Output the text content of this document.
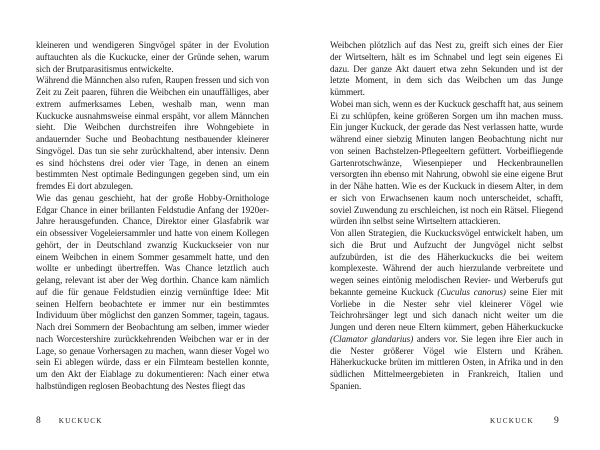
kleineren und wendigeren Singvögel später in der Evolution auftauchten als die Kuckucke, einer der Gründe sehen, warum sich der Brutparasitismus entwickelte.

Während die Männchen also rufen, Raupen fressen und sich von Zeit zu Zeit paaren, führen die Weibchen ein unauffälliges, aber extrem aufmerksames Leben, weshalb man, wenn man Kuckucke ausnahmsweise einmal erspäht, vor allem Männchen sieht. Die Weibchen durchstreifen ihre Wohngebiete in andauernder Suche und Beobachtung nestbauender kleinerer Singvögel. Das tun sie sehr zurückhaltend, aber intensiv. Denn es sind höchstens drei oder vier Tage, in denen an einem bestimmten Nest optimale Bedingungen gegeben sind, um ein fremdes Ei dort abzulegen.

Wie das genau geschieht, hat der große Hobby-Ornithologe Edgar Chance in einer brillanten Feldstudie Anfang der 1920er-Jahre herausgefunden. Chance, Direktor einer Glasfabrik war ein obsessiver Vogeleiersammler und hatte von einem Kollegen gehört, der in Deutschland zwanzig Kuckuckseier von nur einem Weibchen in einem Sommer gesammelt hatte, und den wollte er unbedingt übertreffen. Was Chance letztlich auch gelang, relevant ist aber der Weg dorthin. Chance kam nämlich auf die für genaue Feldstudien einzig vernünftige Idee: Mit seinen Helfern beobachtete er immer nur ein bestimmtes Individuum über möglichst den ganzen Sommer, tagein, tagaus. Nach drei Sommern der Beobachtung am selben, immer wieder nach Worcestershire zurückkehrenden Weibchen war er in der Lage, so genaue Vorhersagen zu machen, wann dieser Vogel wo sein Ei ablegen würde, dass er ein Filmteam bestellen konnte, um den Akt der Eiablage zu dokumentieren: Nach einer etwa halbstündigen reglosen Beobachtung des Nestes fliegt das

Weibchen plötzlich auf das Nest zu, greift sich eines der Eier der Wirtseltern, hält es im Schnabel und legt sein eigenes Ei dazu. Der ganze Akt dauert etwa zehn Sekunden und ist der letzte Moment, in dem sich das Weibchen um das Junge kümmert.

Wobei man sich, wenn es der Kuckuck geschafft hat, aus seinem Ei zu schlüpfen, keine größeren Sorgen um ihn machen muss. Ein junger Kuckuck, der gerade das Nest verlassen hatte, wurde während einer siebzig Minuten langen Beobachtung nicht nur von seinen Bachstelzen-Pflegeeltern gefüttert. Vorbeifliegende Gartenrotschwänze, Wiesenpieper und Heckenbraunellen versorgten ihn ebenso mit Nahrung, obwohl sie eine eigene Brut in der Nähe hatten. Wie es der Kuckuck in diesem Alter, in dem er sich von Erwachsenen kaum noch unterscheidet, schafft, soviel Zuwendung zu erschleichen, ist noch ein Rätsel. Fliegend würden ihn selbst seine Wirtseltern attackieren.

Von allen Strategien, die Kuckucksvögel entwickelt haben, um sich die Brut und Aufzucht der Jungvögel nicht selbst aufzubürden, ist die des Häherkuckucks die bei weitem komplexeste. Während der auch hierzulande verbreitete und wegen seines eintönig melodischen Revier- und Werberufs gut bekannte gemeine Kuckuck (Cuculus canorus) seine Eier mit Vorliebe in die Nester sehr viel kleinerer Vögel wie Teichrohrsänger legt und sich danach nicht weiter um die Jungen und deren neue Eltern kümmert, geben Häherkuckucke (Clamator glandarius) anders vor. Sie legen ihre Eier auch in die Nester größerer Vögel wie Elstern und Krähen. Häherkuckucke brüten im mittleren Osten, in Afrika und in den südlichen Mittelmeergebieten in Frankreich, Italien und Spanien.

8	KUCKUCK	KUCKUCK 9
